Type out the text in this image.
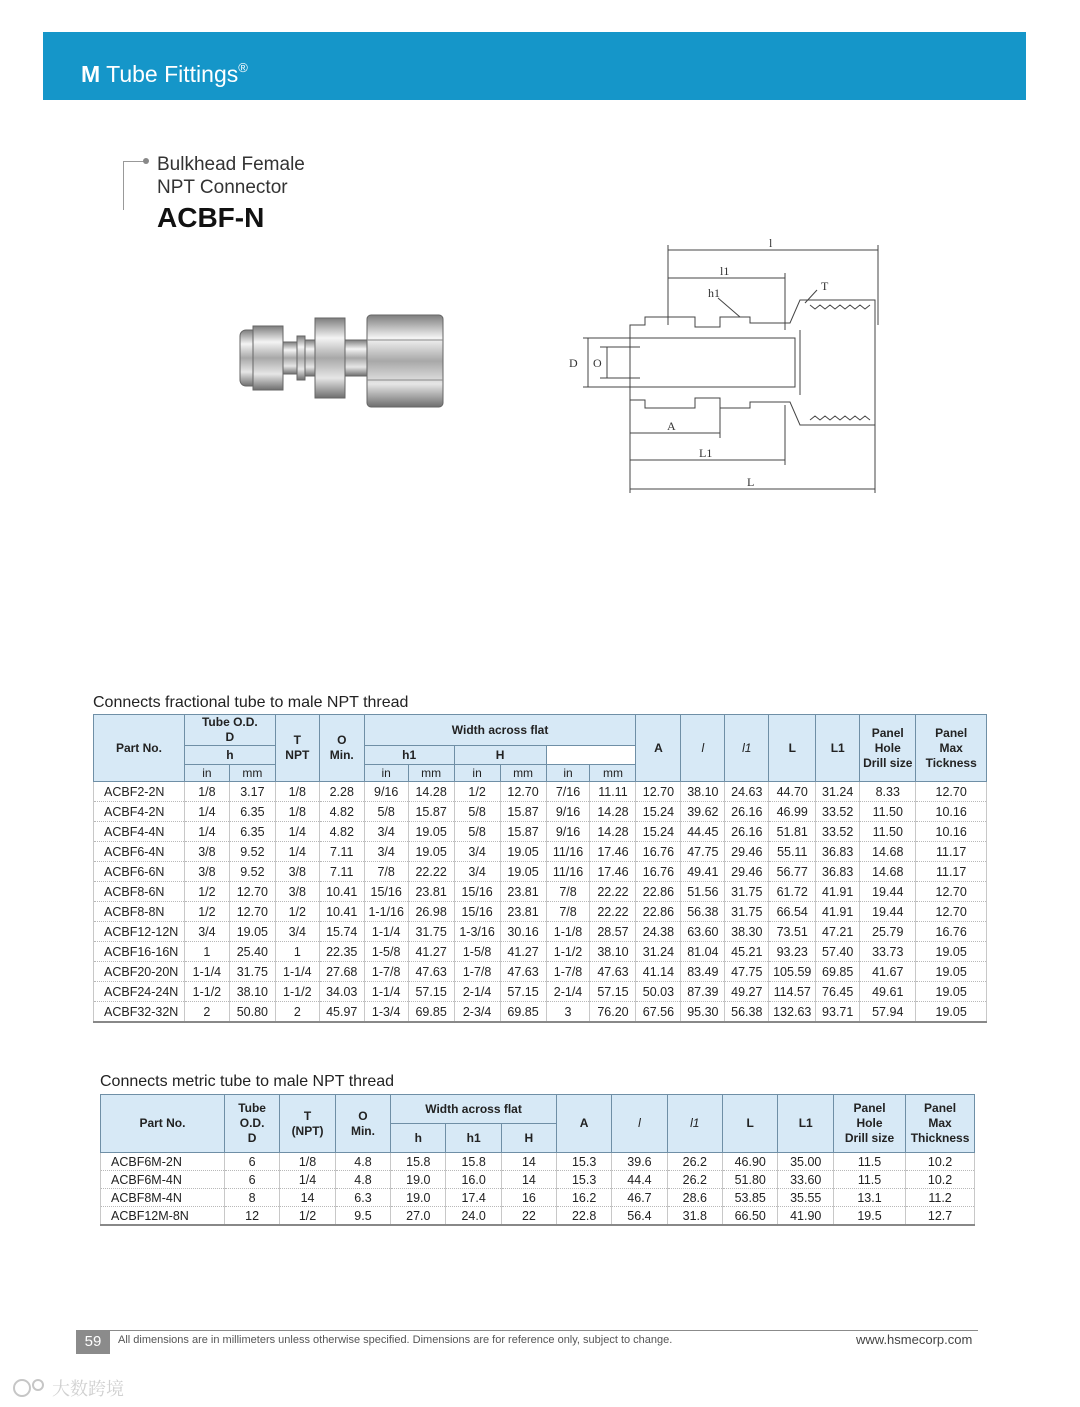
M Tube Fittings®
Bulkhead Female
NPT Connector
ACBF-N
l
l1
h1	T
D O
A
L1
L
Connects fractional tube to male NPT thread
Part No.	Tube O.D.
D		T
NPT	O
Min.	Width across flat						A	l	l1	L	L1	Panel
Hole
Drill size	Panel
Max
Tickness
	h				h1		H										
	in	mm			in	mm	in	mm	in	mm							
ACBF2-2N	1/8	3.17	1/8	2.28	9/16	14.28	1/2	12.70	7/16	11.11	12.70	38.10	24.63	44.70	31.24	8.33	12.70
ACBF4-2N	1/4	6.35	1/8	4.82	5/8	15.87	5/8	15.87	9/16	14.28	15.24	39.62	26.16	46.99	33.52	11.50	10.16
ACBF4-4N	1/4	6.35	1/4	4.82	3/4	19.05	5/8	15.87	9/16	14.28	15.24	44.45	26.16	51.81	33.52	11.50	10.16
ACBF6-4N	3/8	9.52	1/4	7.11	3/4	19.05	3/4	19.05	11/16	17.46	16.76	47.75	29.46	55.11	36.83	14.68	11.17
ACBF6-6N	3/8	9.52	3/8	7.11	7/8	22.22	3/4	19.05	11/16	17.46	16.76	49.41	29.46	56.77	36.83	14.68	11.17
ACBF8-6N	1/2	12.70	3/8	10.41	15/16	23.81	15/16	23.81	7/8	22.22	22.86	51.56	31.75	61.72	41.91	19.44	12.70
ACBF8-8N	1/2	12.70	1/2	10.41	1-1/16	26.98	15/16	23.81	7/8	22.22	22.86	56.38	31.75	66.54	41.91	19.44	12.70
ACBF12-12N	3/4	19.05	3/4	15.74	1-1/4	31.75	1-3/16	30.16	1-1/8	28.57	24.38	63.60	38.30	73.51	47.21	25.79	16.76
ACBF16-16N	1	25.40	1	22.35	1-5/8	41.27	1-5/8	41.27	1-1/2	38.10	31.24	81.04	45.21	93.23	57.40	33.73	19.05
ACBF20-20N	1-1/4	31.75	1-1/4	27.68	1-7/8	47.63	1-7/8	47.63	1-7/8	47.63	41.14	83.49	47.75	105.59	69.85	41.67	19.05
ACBF24-24N	1-1/2	38.10	1-1/2	34.03	1-1/4	57.15	2-1/4	57.15	2-1/4	57.15	50.03	87.39	49.27	114.57	76.45	49.61	19.05
ACBF32-32N	2	50.80	2	45.97	1-3/4	69.85	2-3/4	69.85	3	76.20	67.56	95.30	56.38	132.63	93.71	57.94	19.05
Connects metric tube to male NPT thread
Part No.	Tube
O.D.
D	T
(NPT)	O
Min.	Width across flat			A	l	l1	L	L1	Panel
Hole
Drill size	Panel
Max
Thickness
				h	h1	H							
ACBF6M-2N	6	1/8	4.8	15.8	15.8	14	15.3	39.6	26.2	46.90	35.00	11.5	10.2
ACBF6M-4N	6	1/4	4.8	19.0	16.0	14	15.3	44.4	26.2	51.80	33.60	11.5	10.2
ACBF8M-4N	8	14	6.3	19.0	17.4	16	16.2	46.7	28.6	53.85	35.55	13.1	11.2
ACBF12M-8N	12	1/2	9.5	27.0	24.0	22	22.8	56.4	31.8	66.50	41.90	19.5	12.7
59	All dimensions are in millimeters unless otherwise specified. Dimensions are for reference only, subject to change.	www.hsmecorp.com
大数跨境
